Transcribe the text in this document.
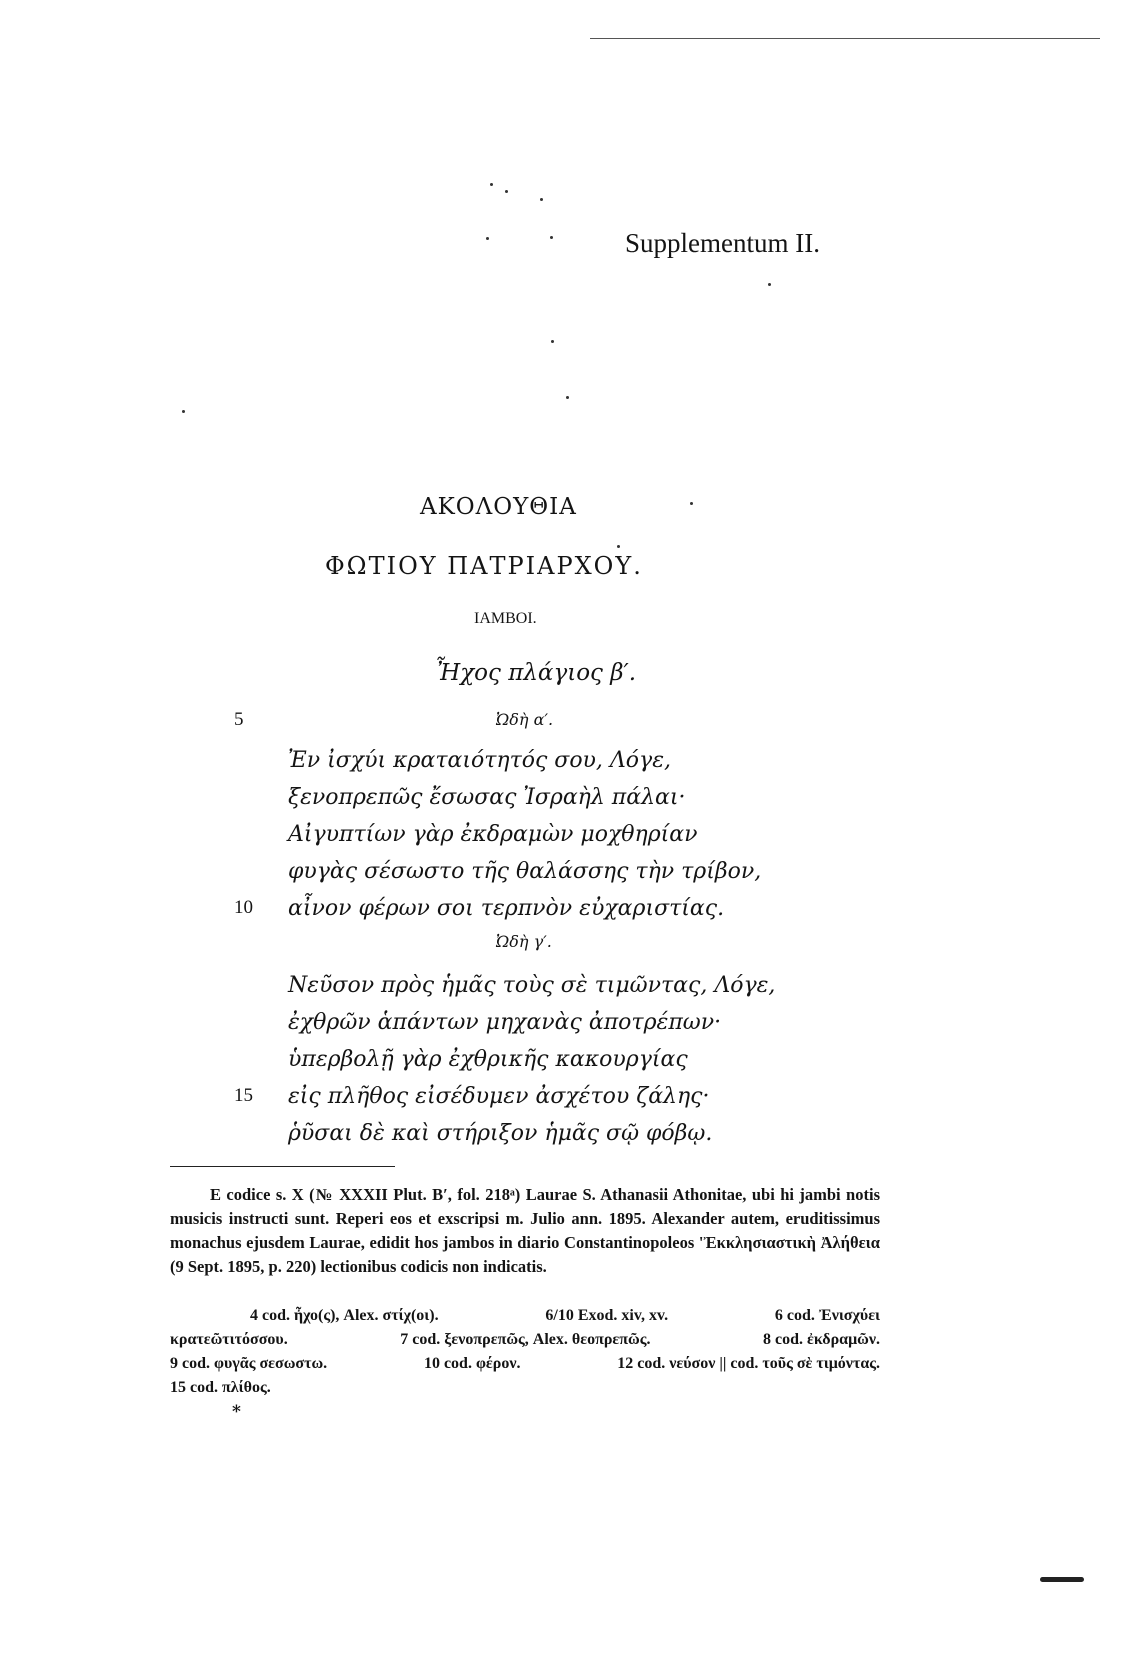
Supplementum II.
ΑΚΟΛΟΥΘΙΑ
ΦΩΤΙΟΥ ΠΑΤΡΙΑΡΧΟΥ.
ΙΑΜΒΟΙ.
Ἦχος πλάγιος β′.
5	Ὠδὴ α′.
Ἐν ἰσχύι κραταιότητός σου, Λόγε,
ξενοπρεπῶς ἔσωσας Ἰσραὴλ πάλαι·
Αἰγυπτίων γὰρ ἐκδραμὼν μοχθηρίαν
φυγὰς σέσωστο τῆς θαλάσσης τὴν τρίβον,
10 αἶνον φέρων σοι τερπνὸν εὐχαριστίας.
Ὠδὴ γ′.
Νεῦσον πρὸς ἡμᾶς τοὺς σὲ τιμῶντας, Λόγε,
ἐχθρῶν ἁπάντων μηχανὰς ἀποτρέπων·
ὑπερβολῇ γὰρ ἐχθρικῆς κακουργίας
15 εἰς πλῆθος εἰσέδυμεν ἀσχέτου ζάλης·
ῥῦσαι δὲ καὶ στήριξον ἡμᾶς σῷ φόβῳ.

E codice s. X (№ XXXII Plut. B′, fol. 218ᵃ) Laurae S. Athanasii Athonitae, ubi hi jambi notis musicis instructi sunt. Reperi eos et exscripsi m. Julio ann. 1895. Alexander autem, eruditissimus monachus ejusdem Laurae, edidit hos jambos in diario Constantinopoleos 'Ἐκκλησιαστικὴ Ἀλήθεια (9 Sept. 1895, p. 220) lectionibus codicis non indicatis.

4 cod. ἦχο(ς), Alex. στίχ(οι).	6/10 Exod. xiv, xv.	6 cod. Ἐνισχύει
κρατεῶτιτόσσου.	7 cod. ξενοπρεπῶς, Alex. θεοπρεπῶς.	8 cod. ἐκδραμῶν.
9 cod. φυγᾶς σεσωστω.	10 cod. φέρον.	12 cod. νεύσον || cod. τοῦς σὲ τιμόντας.
15 cod. πλίθος.
*
